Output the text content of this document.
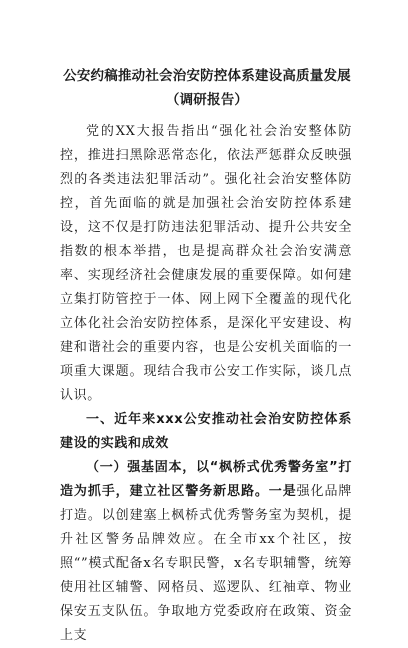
公安约稿推动社会治安防控体系建设高质量发展（调研报告）

党的XX大报告指出“强化社会治安整体防控，推进扫黑除恶常态化，依法严惩群众反映强烈的各类违法犯罪活动”。强化社会治安整体防控，首先面临的就是加强社会治安防控体系建设，这不仅是打防违法犯罪活动、提升公共安全指数的根本举措，也是提高群众社会治安满意率、实现经济社会健康发展的重要保障。如何建立集打防管控于一体、网上网下全覆盖的现代化立体化社会治安防控体系，是深化平安建设、构建和谐社会的重要内容，也是公安机关面临的一项重大课题。现结合我市公安工作实际，谈几点认识。

一、近年来xxx公安推动社会治安防控体系建设的实践和成效

（一）强基固本，以“枫桥式优秀警务室”打造为抓手，建立社区警务新思路。一是强化品牌打造。以创建塞上枫桥式优秀警务室为契机，提升社区警务品牌效应。在全市xx个社区，按照“”模式配备x名专职民警，x名专职辅警，统筹使用社区辅警、网格员、巡逻队、红袖章、物业保安五支队伍。争取地方党委政府在政策、资金上支
